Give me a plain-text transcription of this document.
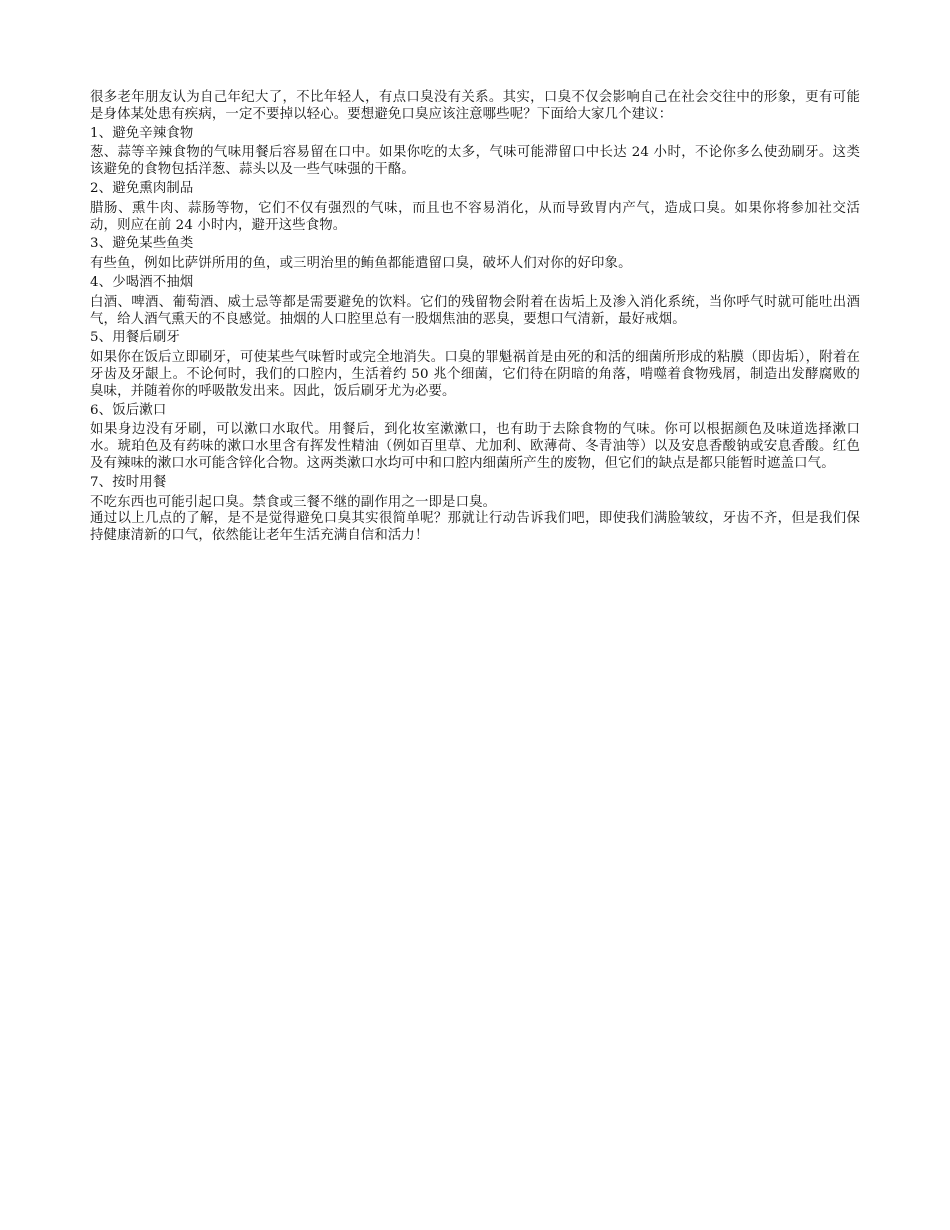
很多老年朋友认为自己年纪大了，不比年轻人，有点口臭没有关系。其实，口臭不仅会影响自己在社会交往中的形象，更有可能是身体某处患有疾病，一定不要掉以轻心。要想避免口臭应该注意哪些呢？下面给大家几个建议：

1、避免辛辣食物

葱、蒜等辛辣食物的气味用餐后容易留在口中。如果你吃的太多，气味可能滞留口中长达 24 小时，不论你多么使劲刷牙。这类该避免的食物包括洋葱、蒜头以及一些气味强的干酪。

2、避免熏肉制品

腊肠、熏牛肉、蒜肠等物，它们不仅有强烈的气味，而且也不容易消化，从而导致胃内产气，造成口臭。如果你将参加社交活动，则应在前 24 小时内，避开这些食物。

3、避免某些鱼类

有些鱼，例如比萨饼所用的鱼，或三明治里的鲔鱼都能遣留口臭，破坏人们对你的好印象。

4、少喝酒不抽烟

白酒、啤酒、葡萄酒、威士忌等都是需要避免的饮料。它们的残留物会附着在齿垢上及渗入消化系统，当你呼气时就可能吐出酒气，给人酒气熏天的不良感觉。抽烟的人口腔里总有一股烟焦油的恶臭，要想口气清新，最好戒烟。

5、用餐后刷牙

如果你在饭后立即刷牙，可使某些气味暂时或完全地消失。口臭的罪魁祸首是由死的和活的细菌所形成的粘膜（即齿垢），附着在牙齿及牙龈上。不论何时，我们的口腔内，生活着约 50 兆个细菌，它们待在阴暗的角落，啃噬着食物残屑，制造出发酵腐败的臭味，并随着你的呼吸散发出来。因此，饭后刷牙尤为必要。

6、饭后漱口

如果身边没有牙刷，可以漱口水取代。用餐后，到化妆室漱漱口，也有助于去除食物的气味。你可以根据颜色及味道选择漱口水。琥珀色及有药味的漱口水里含有挥发性精油（例如百里草、尤加利、欧薄荷、冬青油等）以及安息香酸钠或安息香酸。红色及有辣味的漱口水可能含锌化合物。这两类漱口水均可中和口腔内细菌所产生的废物，但它们的缺点是都只能暂时遮盖口气。

7、按时用餐

不吃东西也可能引起口臭。禁食或三餐不继的副作用之一即是口臭。

通过以上几点的了解，是不是觉得避免口臭其实很简单呢？那就让行动告诉我们吧，即使我们满脸皱纹，牙齿不齐，但是我们保持健康清新的口气，依然能让老年生活充满自信和活力！
